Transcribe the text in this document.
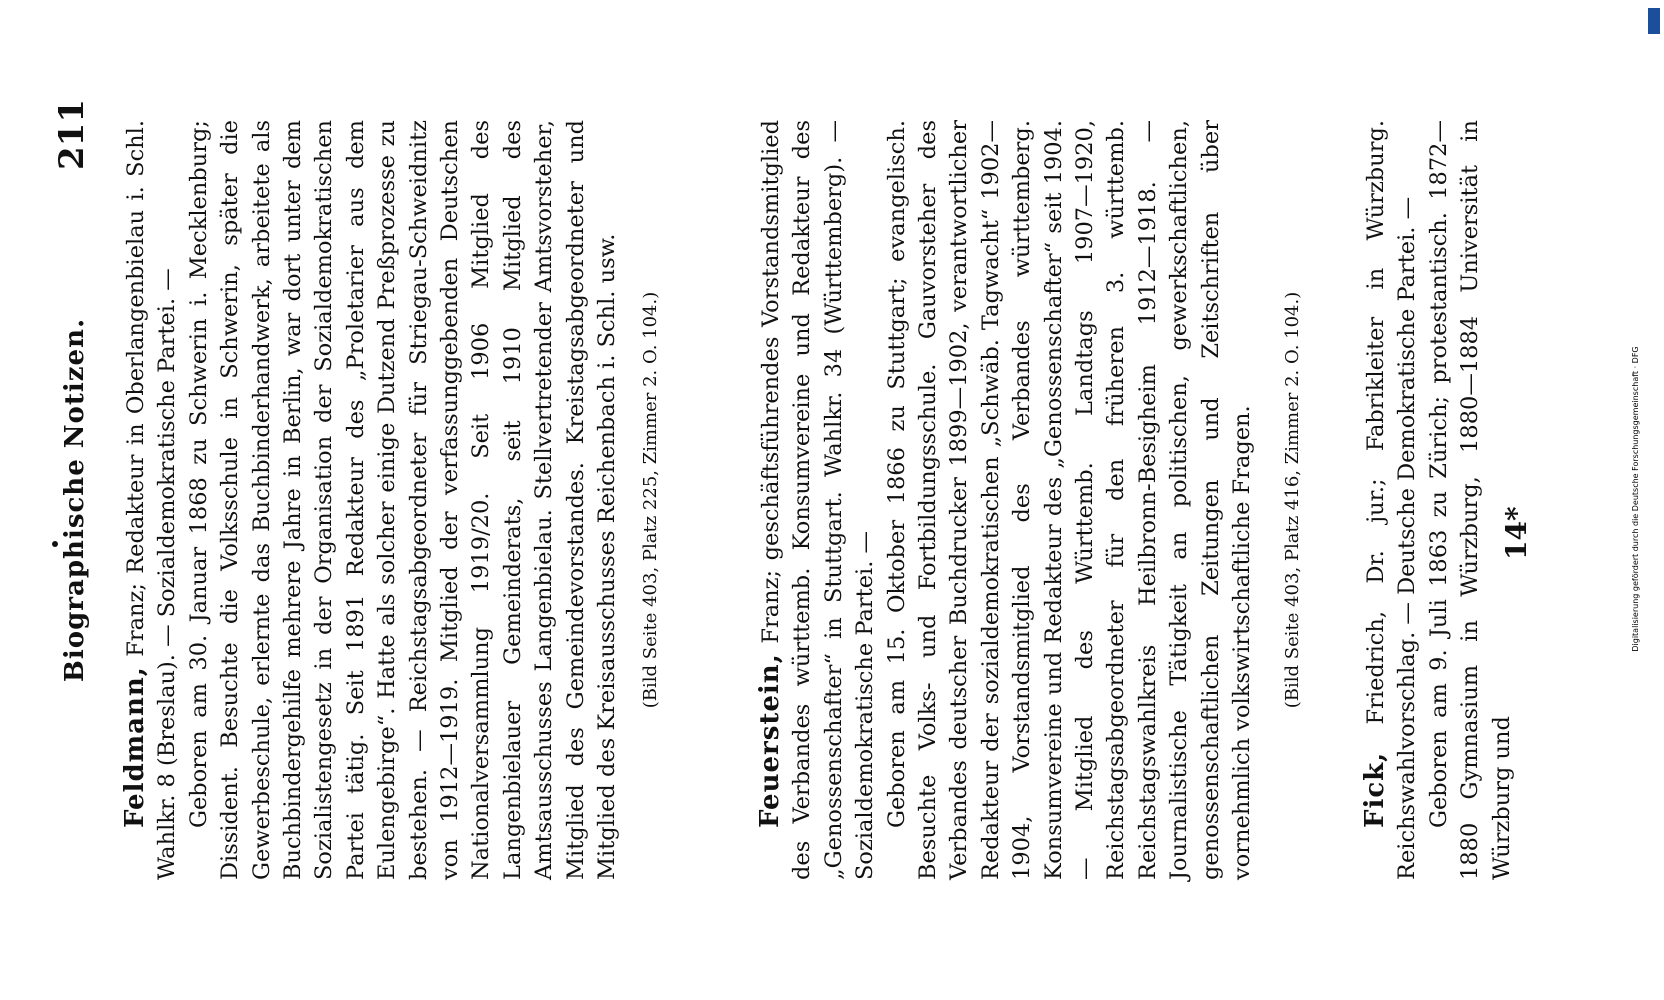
Biographische Notizen.
211

Feldmann, Franz; Redakteur in Oberlangenbielau i. Schl. Wahlkr. 8 (Breslau). — Sozialdemokratische Partei. — Geboren am 30. Januar 1868 zu Schwerin i. Mecklenburg; Dissident. Besuchte die Volksschule in Schwerin, später die Gewerbeschule, erlernte das Buchbinderhandwerk, arbeitete als Buchbindergehilfe mehrere Jahre in Berlin, war dort unter dem Sozialistengesetz in der Organisation der Sozialdemokratischen Partei tätig. Seit 1891 Redakteur des „Proletarier aus dem Eulengebirge“. Hatte als solcher einige Dutzend Preßprozesse zu bestehen. — Reichstagsabgeordneter für Striegau-Schweidnitz von 1912—1919. Mitglied der verfassunggebenden Deutschen Nationalversammlung 1919/20. Seit 1906 Mitglied des Langenbielauer Gemeinderats, seit 1910 Mitglied des Amtsausschusses Langenbielau. Stellvertretender Amtsvorsteher, Mitglied des Gemeindevorstandes. Kreistagsabgeordneter und Mitglied des Kreisausschusses Reichenbach i. Schl. usw. (Bild Seite 403, Platz 225, Zimmer 2. O. 104.)

Feuerstein, Franz; geschäftsführendes Vorstandsmitglied des Verbandes württemb. Konsumvereine und Redakteur des „Genossenschafter“ in Stuttgart. Wahlkr. 34 (Württemberg). — Sozialdemokratische Partei. — Geboren am 15. Oktober 1866 zu Stuttgart; evangelisch. Besuchte Volks- und Fortbildungsschule. Gauvorsteher des Verbandes deutscher Buchdrucker 1899—1902, verantwortlicher Redakteur der sozialdemokratischen „Schwäb. Tagwacht“ 1902—1904, Vorstandsmitglied des Verbandes württemberg. Konsumvereine und Redakteur des „Genossenschafter“ seit 1904. — Mitglied des Württemb. Landtags 1907—1920, Reichstagsabgeordneter für den früheren 3. württemb. Reichstagswahlkreis Heilbronn-Besigheim 1912—1918. — Journalistische Tätigkeit an politischen, gewerkschaftlichen, genossenschaftlichen Zeitungen und Zeitschriften über vornehmlich volkswirtschaftliche Fragen. (Bild Seite 403, Platz 416, Zimmer 2. O. 104.)

Fick, Friedrich, Dr. jur.; Fabrikleiter in Würzburg. Reichswahlvorschlag. — Deutsche Demokratische Partei. — Geboren am 9. Juli 1863 zu Zürich; protestantisch. 1872—1880 Gymnasium in Würzburg, 1880—1884 Universität in Würzburg und

14*	Digitalisierung gefördert durch die Deutsche Forschungsgemeinschaft · DFG
